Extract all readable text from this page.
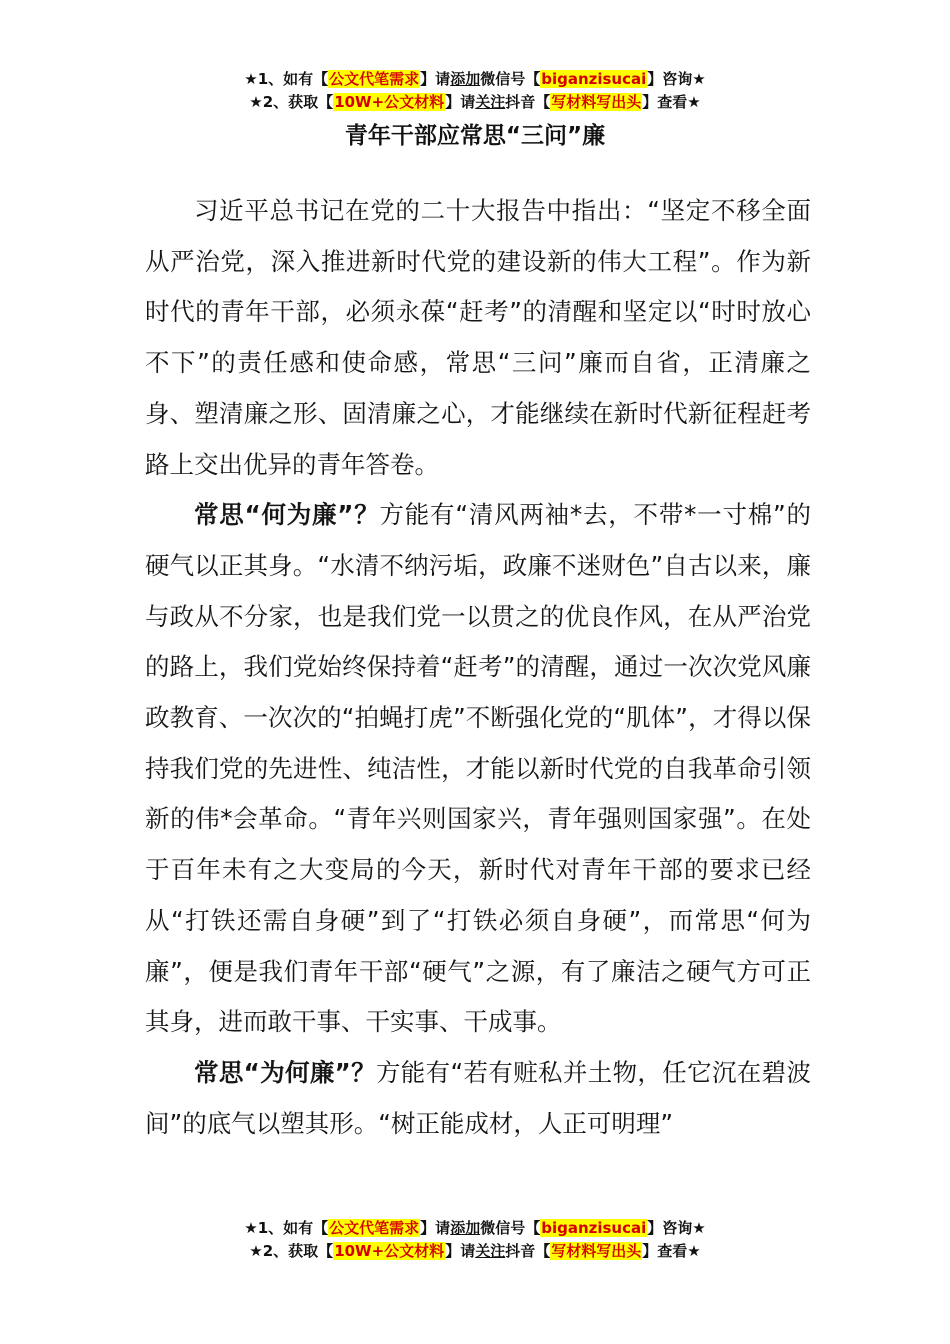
★1、如有【公文代笔需求】请添加微信号【biganzisucai】咨询★
★2、获取【10W+公文材料】请关注抖音【写材料写出头】查看★
青年干部应常思“三问”廉

习近平总书记在党的二十大报告中指出：“坚定不移全面从严治党，深入推进新时代党的建设新的伟大工程”。作为新时代的青年干部，必须永葆“赶考”的清醒和坚定以“时时放心不下”的责任感和使命感，常思“三问”廉而自省，正清廉之身、塑清廉之形、固清廉之心，才能继续在新时代新征程赶考路上交出优异的青年答卷。

常思“何为廉”？方能有“清风两袖*去，不带*一寸棉”的硬气以正其身。“水清不纳污垢，政廉不迷财色”自古以来，廉与政从不分家，也是我们党一以贯之的优良作风，在从严治党的路上，我们党始终保持着“赶考”的清醒，通过一次次党风廉政教育、一次次的“拍蝇打虎”不断强化党的“肌体”，才得以保持我们党的先进性、纯洁性，才能以新时代党的自我革命引领新的伟*会革命。“青年兴则国家兴，青年强则国家强”。在处于百年未有之大变局的今天，新时代对青年干部的要求已经从“打铁还需自身硬”到了“打铁必须自身硬”，而常思“何为廉”，便是我们青年干部“硬气”之源，有了廉洁之硬气方可正其身，进而敢干事、干实事、干成事。

常思“为何廉”？方能有“若有赃私并土物，任它沉在碧波间”的底气以塑其形。“树正能成材，人正可明理”

★1、如有【公文代笔需求】请添加微信号【biganzisucai】咨询★
★2、获取【10W+公文材料】请关注抖音【写材料写出头】查看★
